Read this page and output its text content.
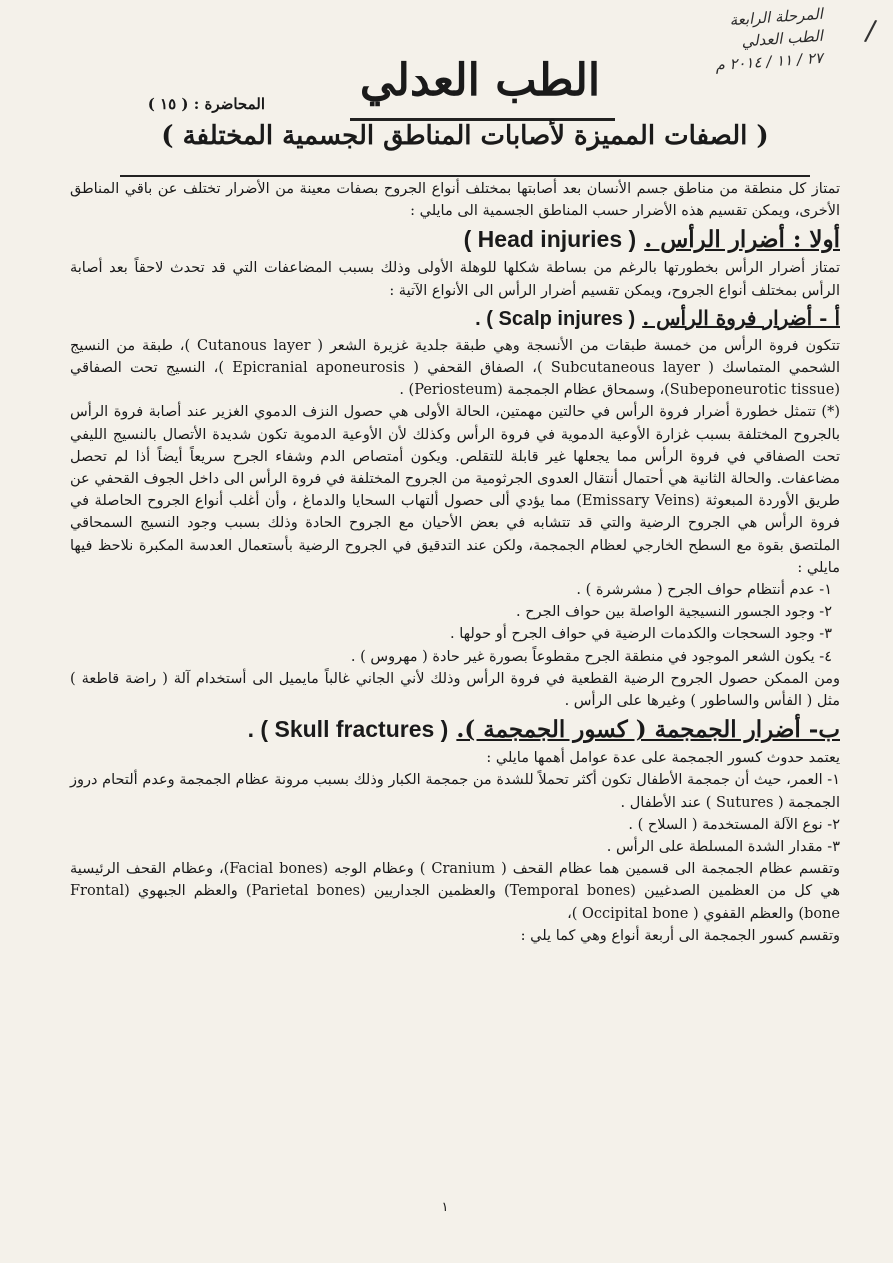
/
المرحلة الرابعة
الطب العدلي
٢٧ / ١١ / ٢٠١٤ م
الطب العدلي
المحاضرة : ( ١٥ )
( الصفات المميزة لأصابات المناطق الجسمية المختلفة )

تمتاز كل منطقة من مناطق جسم الأنسان بعد أصابتها بمختلف أنواع الجروح بصفات معينة من الأضرار تختلف عن باقي المناطق الأخرى، ويمكن تقسيم هذه الأضرار حسب المناطق الجسمية الى مايلي :

أولا : أضرار الرأس . ( Head injuries )

تمتاز أضرار الرأس بخطورتها بالرغم من بساطة شكلها للوهلة الأولى وذلك بسبب المضاعفات التي قد تحدث لاحقاً بعد أصابة الرأس بمختلف أنواع الجروح، ويمكن تقسيم أضرار الرأس الى الأنواع الآتية :

أ - أضرار فروة الرأس . ( Scalp injures ) .

تتكون فروة الرأس من خمسة طبقات من الأنسجة وهي طبقة جلدية غزيرة الشعر ( Cutanous layer )، طبقة من النسيج الشحمي المتماسك ( Subcutaneous layer )، الصفاق القحفي ( Epicranial aponeurosis )، النسيج تحت الصفاقي (Subeponeurotic tissue)، وسمحاق عظام الجمجمة (Periosteum) .

(*) تتمثل خطورة أضرار فروة الرأس في حالتين مهمتين، الحالة الأولى هي حصول النزف الدموي الغزير عند أصابة فروة الرأس بالجروح المختلفة بسبب غزارة الأوعية الدموية في فروة الرأس وكذلك لأن الأوعية الدموية تكون شديدة الأتصال بالنسيج الليفي تحت الصفاقي في فروة الرأس مما يجعلها غير قابلة للتقلص. ويكون أمتصاص الدم وشفاء الجرح سريعاً أيضاً أذا لم تحصل مضاعفات. والحالة الثانية هي أحتمال أنتقال العدوى الجرثومية من الجروح المختلفة في فروة الرأس الى داخل الجوف القحفي عن طريق الأوردة المبعوثة (Emissary Veins) مما يؤدي ألى حصول ألتهاب السحايا والدماغ ، وأن أغلب أنواع الجروح الحاصلة في فروة الرأس هي الجروح الرضية والتي قد تتشابه في بعض الأحيان مع الجروح الحادة وذلك بسبب وجود النسيج السمحاقي الملتصق بقوة مع السطح الخارجي لعظام الجمجمة، ولكن عند التدقيق في الجروح الرضية بأستعمال العدسة المكبرة نلاحظ فيها مايلي :

١- عدم أنتظام حواف الجرح ( مشرشرة ) .

٢- وجود الجسور النسيجية الواصلة بين حواف الجرح .

٣- وجود السحجات والكدمات الرضية في حواف الجرح أو حولها .

٤- يكون الشعر الموجود في منطقة الجرح مقطوعاً بصورة غير حادة ( مهروس ) .

ومن الممكن حصول الجروح الرضية القطعية في فروة الرأس وذلك لأني الجاني غالباً مايميل الى أستخدام آلة ( راضة قاطعة ) مثل ( الفأس والساطور ) وغيرها على الرأس .

ب- أضرار الجمجمة ( كسور الجمجمة ). ( Skull fractures ) .

يعتمد حدوث كسور الجمجمة على عدة عوامل أهمها مايلي :

١- العمر، حيث أن جمجمة الأطفال تكون أكثر تحملاً للشدة من جمجمة الكبار وذلك بسبب مرونة عظام الجمجمة وعدم ألتحام دروز الجمجمة ( Sutures ) عند الأطفال .

٢- نوع الآلة المستخدمة ( السلاح ) .

٣- مقدار الشدة المسلطة على الرأس .

وتقسم عظام الجمجمة الى قسمين هما عظام القحف ( Cranium ) وعظام الوجه (Facial bones)، وعظام القحف الرئيسية هي كل من العظمين الصدغيين (Temporal bones) والعظمين الجداريين (Parietal bones) والعظم الجبهوي (Frontal bone) والعظم القفوي ( Occipital bone )،

وتقسم كسور الجمجمة الى أربعة أنواع وهي كما يلي :

١
